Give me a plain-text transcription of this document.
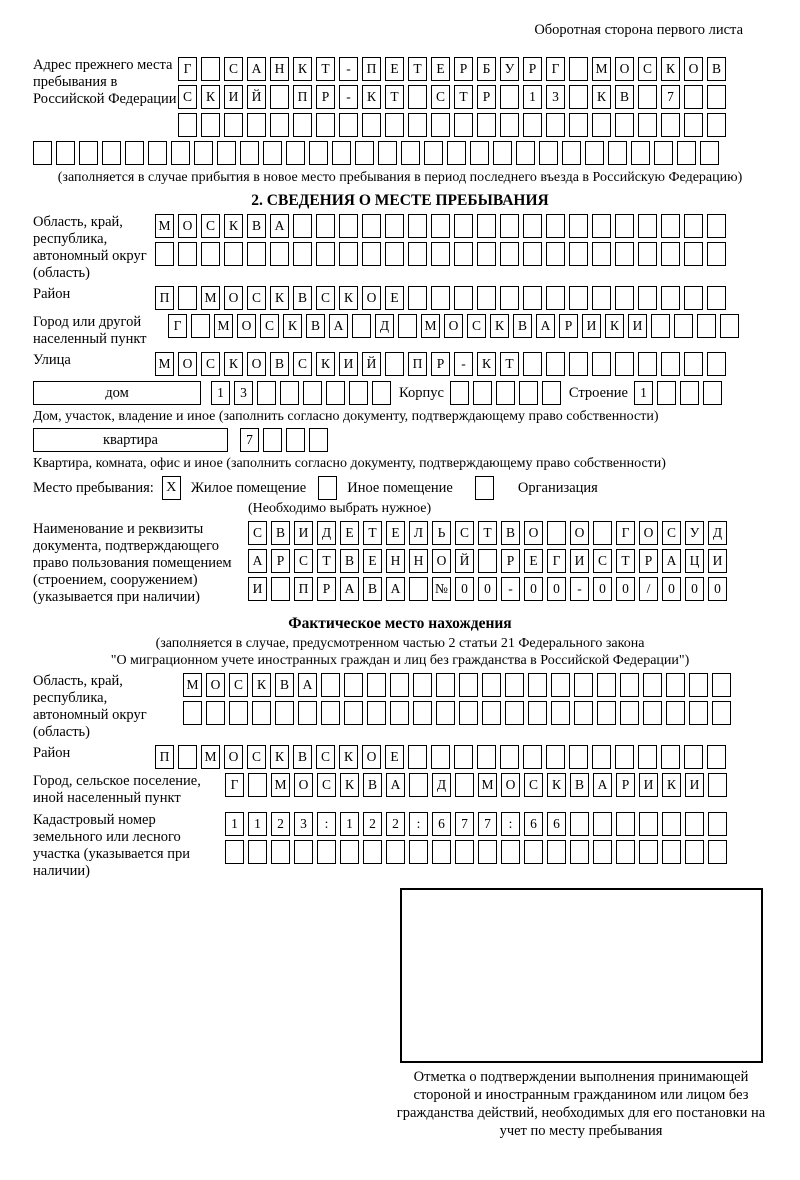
Оборотная сторона первого листа
Адрес прежнего места пребывания в Российской Федерации
Г	С	А Н	К	Т	-	П	Е	Т	Е	Р	Б	У	Р	Г	М О	С	К	О	В
С	К	И Й	П	Р	-	К	Т	С	Т	Р	1	3	К	В	7
(заполняется в случае прибытия в новое место пребывания в период последнего въезда в Российскую Федерацию)
2. СВЕДЕНИЯ О МЕСТЕ ПРЕБЫВАНИЯ
Область, край, республика, автономный округ (область)
М О	С	К	В	А
Район	П	М О	С	К	В	С	К	О	Е
Город или другой населенный пункт
Г	М О	С	К	В	А	Д	М О	С	К	В	А	Р	И	К	И
Улица	М О	С	К	О	В	С	К	И Й	П	Р	-	К	Т
дом	1	3	Корпус	Строение 1
Дом, участок, владение и иное (заполнить согласно документу, подтверждающему право собственности)
квартира	7
Квартира, комната, офис и иное (заполнить согласно документу, подтверждающему право собственности)
Место пребывания: X Жилое помещение	Иное помещение	Организация
(Необходимо выбрать нужное)
Наименование и реквизиты документа, подтверждающего право пользования помещением (строением, сооружением) (указывается при наличии)
С	В	И	Д	Е	Т	Е	Л	Ь	С	Т	В	О	О	Г	О	С	У	Д
А	Р	С	Т	В	Е	Н Н О Й	Р	Е	Г	И	С	Т	Р	А Ц И
И	П	Р	А	В	А	№ 0	0	-	0	0	-	0	0	/	0	0	0
Фактическое место нахождения
(заполняется в случае, предусмотренном частью 2 статьи 21 Федерального закона
"О миграционном учете иностранных граждан и лиц без гражданства в Российской Федерации")
Область, край, республика, автономный округ (область)
М О	С	К	В	А
Район	П	М О	С	К	В	С	К	О	Е
Город, сельское поселение, иной населенный пункт
Г	М О	С	К	В	А	Д	М О	С	К	В	А	Р	И	К	И
Кадастровый номер земельного или лесного участка (указывается при наличии)
1	1	2	3	:	1	2	2	:	6	7	7	:	6	6
Отметка о подтверждении выполнения принимающей стороной и иностранным гражданином или лицом без гражданства действий, необходимых для его постановки на учет по месту пребывания
